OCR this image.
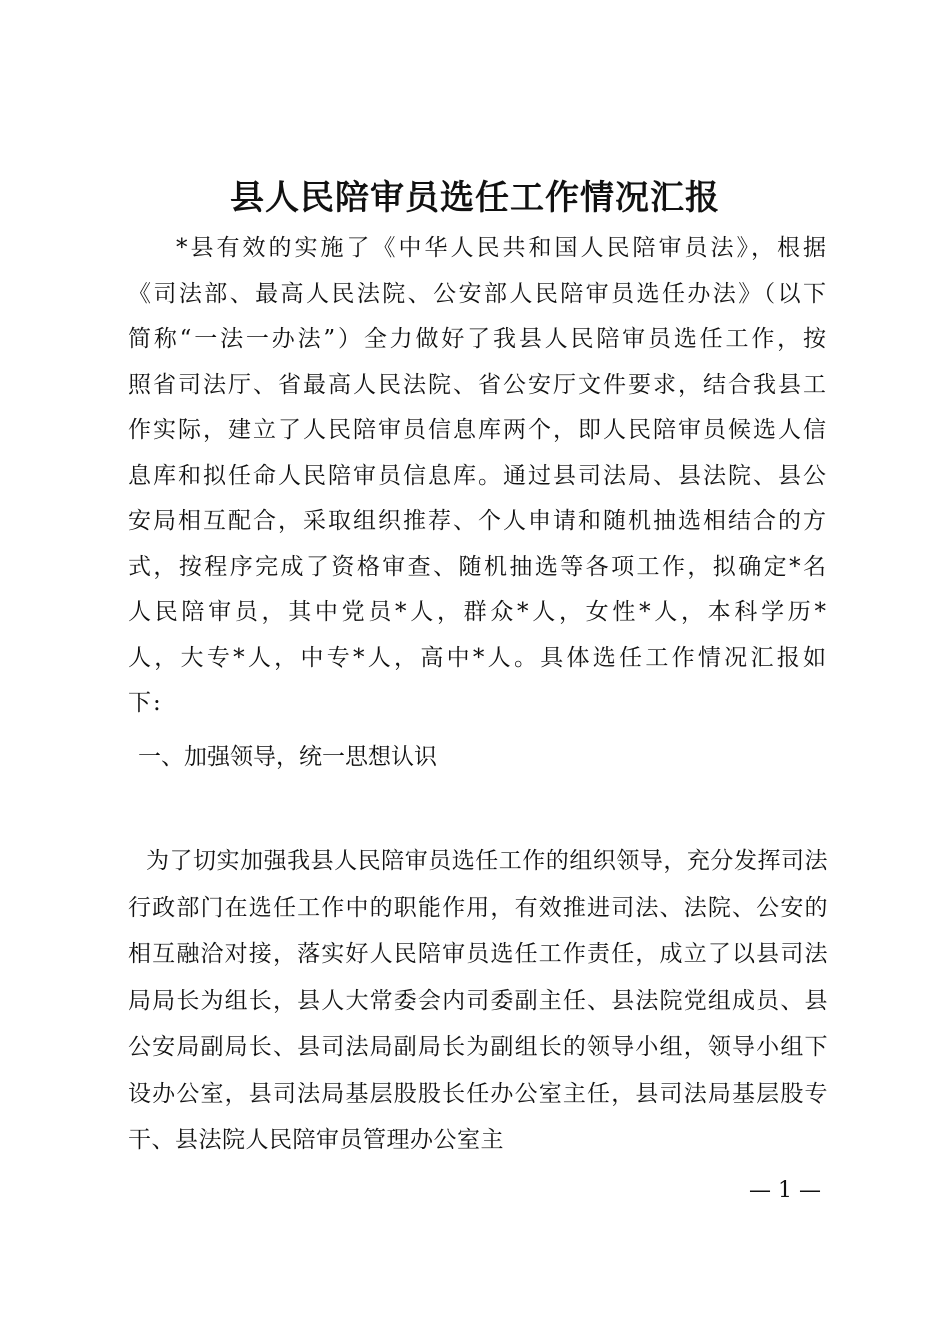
县人民陪审员选任工作情况汇报

*县有效的实施了《中华人民共和国人民陪审员法》，根据《司法部、最高人民法院、公安部人民陪审员选任办法》（以下简称“一法一办法”）全力做好了我县人民陪审员选任工作，按照省司法厅、省最高人民法院、省公安厅文件要求，结合我县工作实际，建立了人民陪审员信息库两个，即人民陪审员候选人信息库和拟任命人民陪审员信息库。通过县司法局、县法院、县公安局相互配合，采取组织推荐、个人申请和随机抽选相结合的方式，按程序完成了资格审查、随机抽选等各项工作，拟确定*名人民陪审员，其中党员*人，群众*人，女性*人，本科学历*人，大专*人，中专*人，高中*人。具体选任工作情况汇报如下:

一、加强领导，统一思想认识

为了切实加强我县人民陪审员选任工作的组织领导，充分发挥司法行政部门在选任工作中的职能作用，有效推进司法、法院、公安的相互融洽对接，落实好人民陪审员选任工作责任，成立了以县司法局局长为组长，县人大常委会内司委副主任、县法院党组成员、县公安局副局长、县司法局副局长为副组长的领导小组，领导小组下设办公室，县司法局基层股股长任办公室主任，县司法局基层股专干、县法院人民陪审员管理办公室主

— 1 —
